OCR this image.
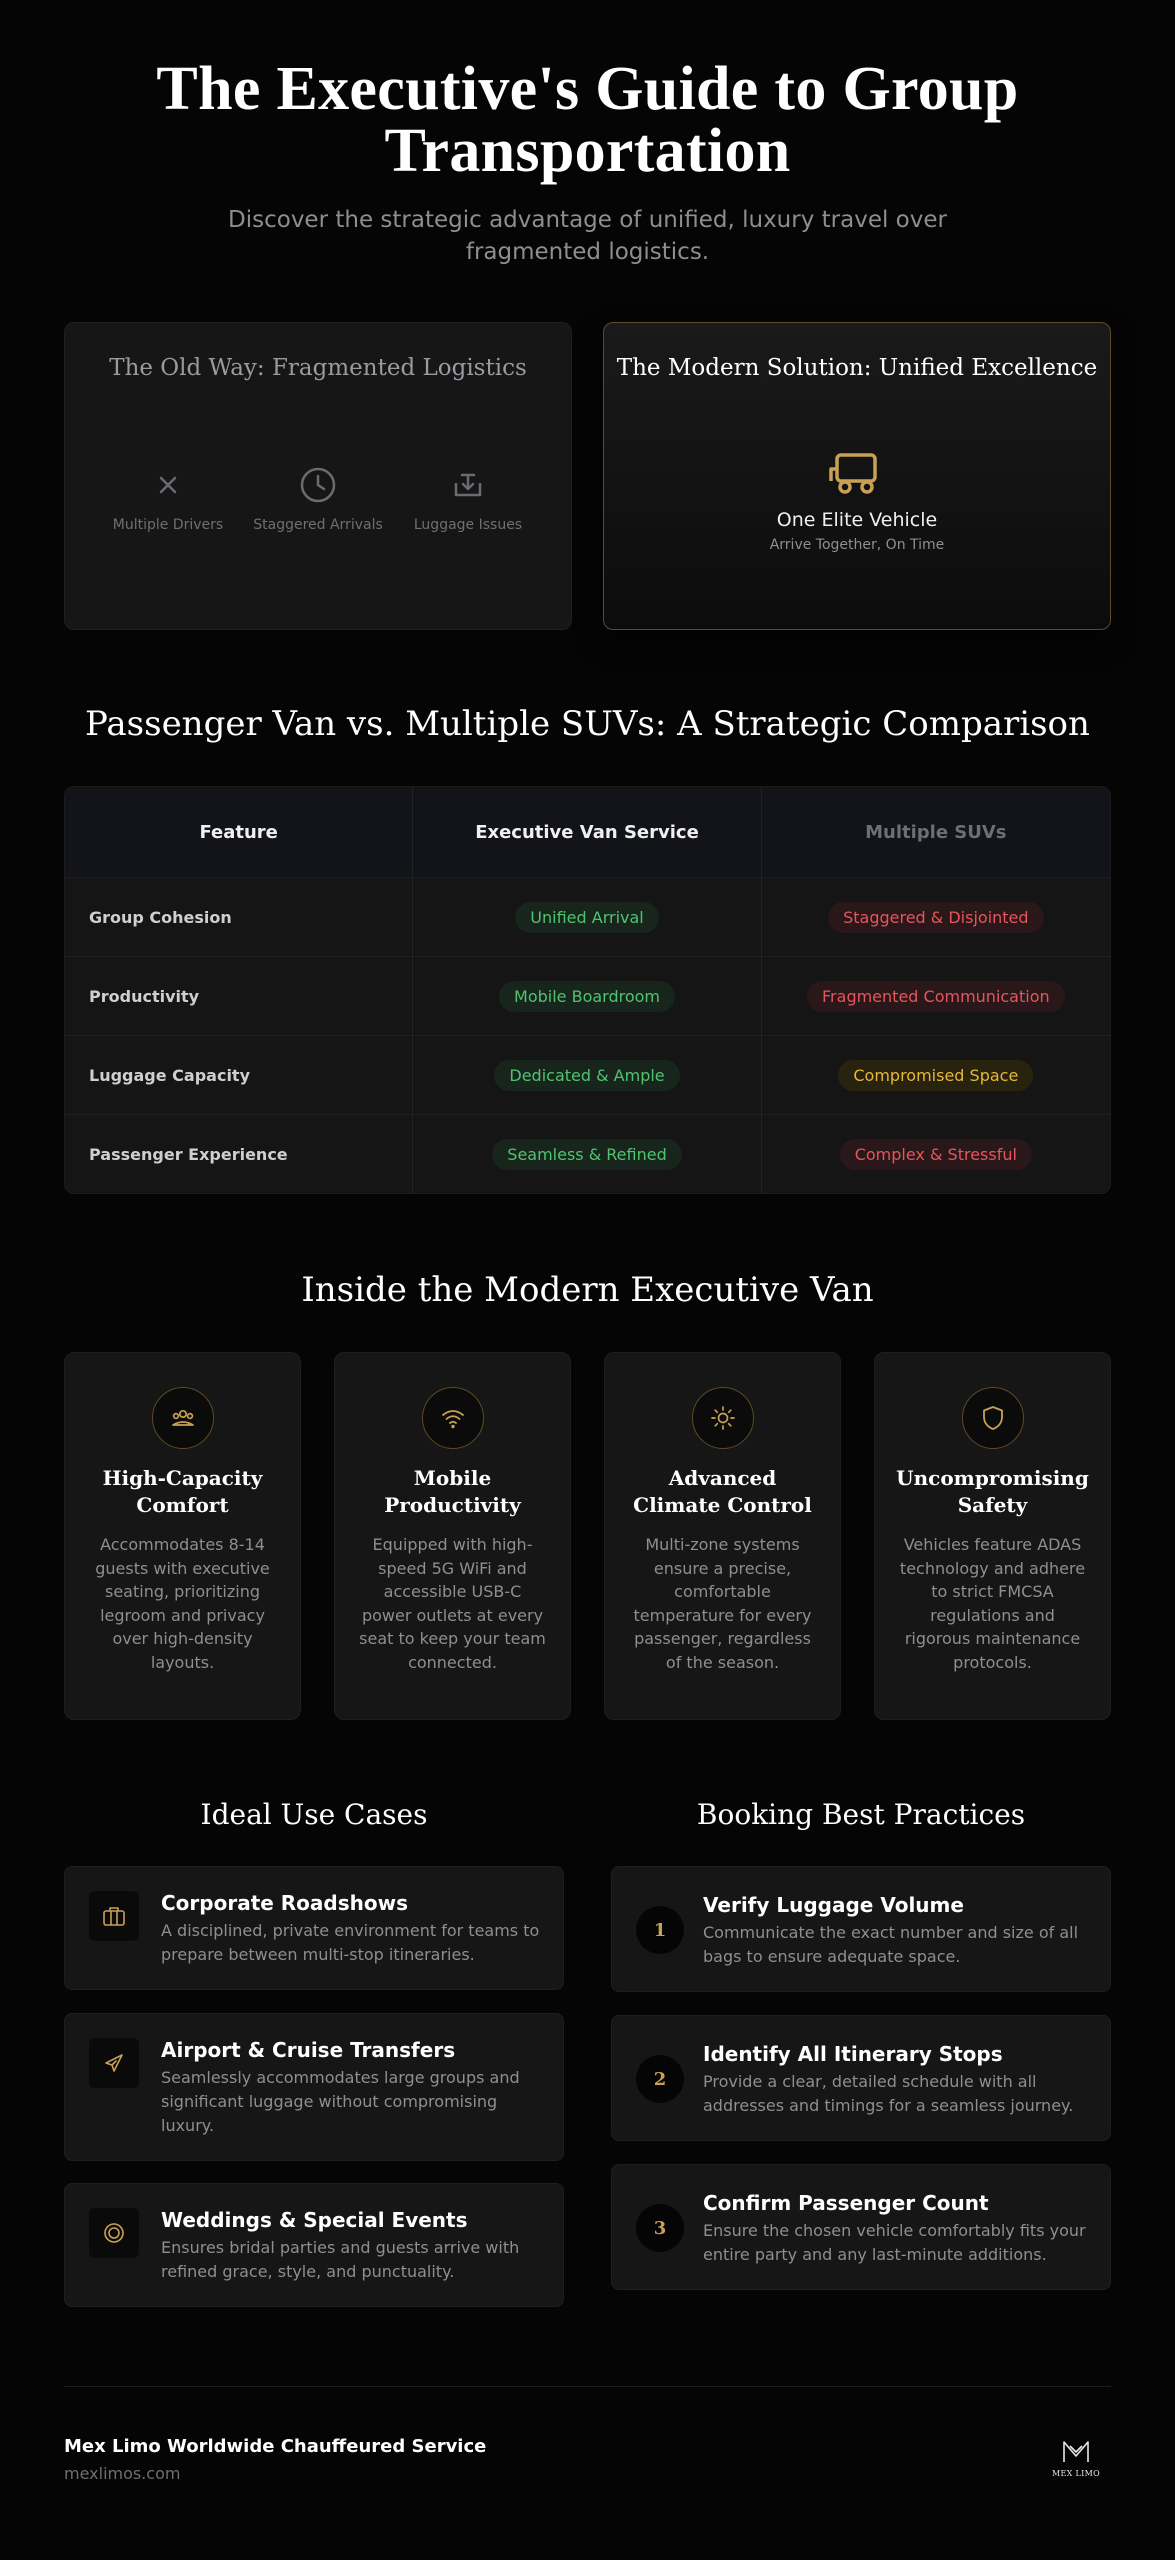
The Executive's Guide to Group
Transportation

Discover the strategic advantage of unified, luxury travel over fragmented logistics.

The Old Way: Fragmented Logistics
Multiple Drivers	Staggered Arrivals	Luggage Issues
The Modern Solution: Unified Excellence
One Elite Vehicle
Arrive Together, On Time
Passenger Van vs. Multiple SUVs: A Strategic Comparison
Feature	Executive Van Service	Multiple SUVs
Group Cohesion	Unified Arrival	Staggered & Disjointed
Productivity	Mobile Boardroom	Fragmented Communication
Luggage Capacity	Dedicated & Ample	Compromised Space
Passenger Experience	Seamless & Refined	Complex & Stressful
Inside the Modern Executive Van
High-Capacity
Comfort

Accommodates 8-14 guests with executive seating, prioritizing legroom and privacy over high-density layouts.

Mobile
Productivity

Equipped with high-speed 5G WiFi and accessible USB-C power outlets at every seat to keep your team connected.

Advanced
Climate Control

Multi-zone systems ensure a precise, comfortable temperature for every passenger, regardless of the season.

Uncompromising
Safety

Vehicles feature ADAS technology and adhere to strict FMCSA regulations and rigorous maintenance protocols.

Ideal Use Cases
Corporate Roadshows

A disciplined, private environment for teams to prepare between multi-stop itineraries.

Airport & Cruise Transfers

Seamlessly accommodates large groups and significant luggage without compromising luxury.

Weddings & Special Events

Ensures bridal parties and guests arrive with refined grace, style, and punctuality.

Booking Best Practices
1
Verify Luggage Volume

Communicate the exact number and size of all bags to ensure adequate space.

2
Identify All Itinerary Stops

Provide a clear, detailed schedule with all addresses and timings for a seamless journey.

3
Confirm Passenger Count

Ensure the chosen vehicle comfortably fits your entire party and any last-minute additions.

Mex Limo Worldwide Chauffeured Service
mexlimos.com	MEX LIMO
